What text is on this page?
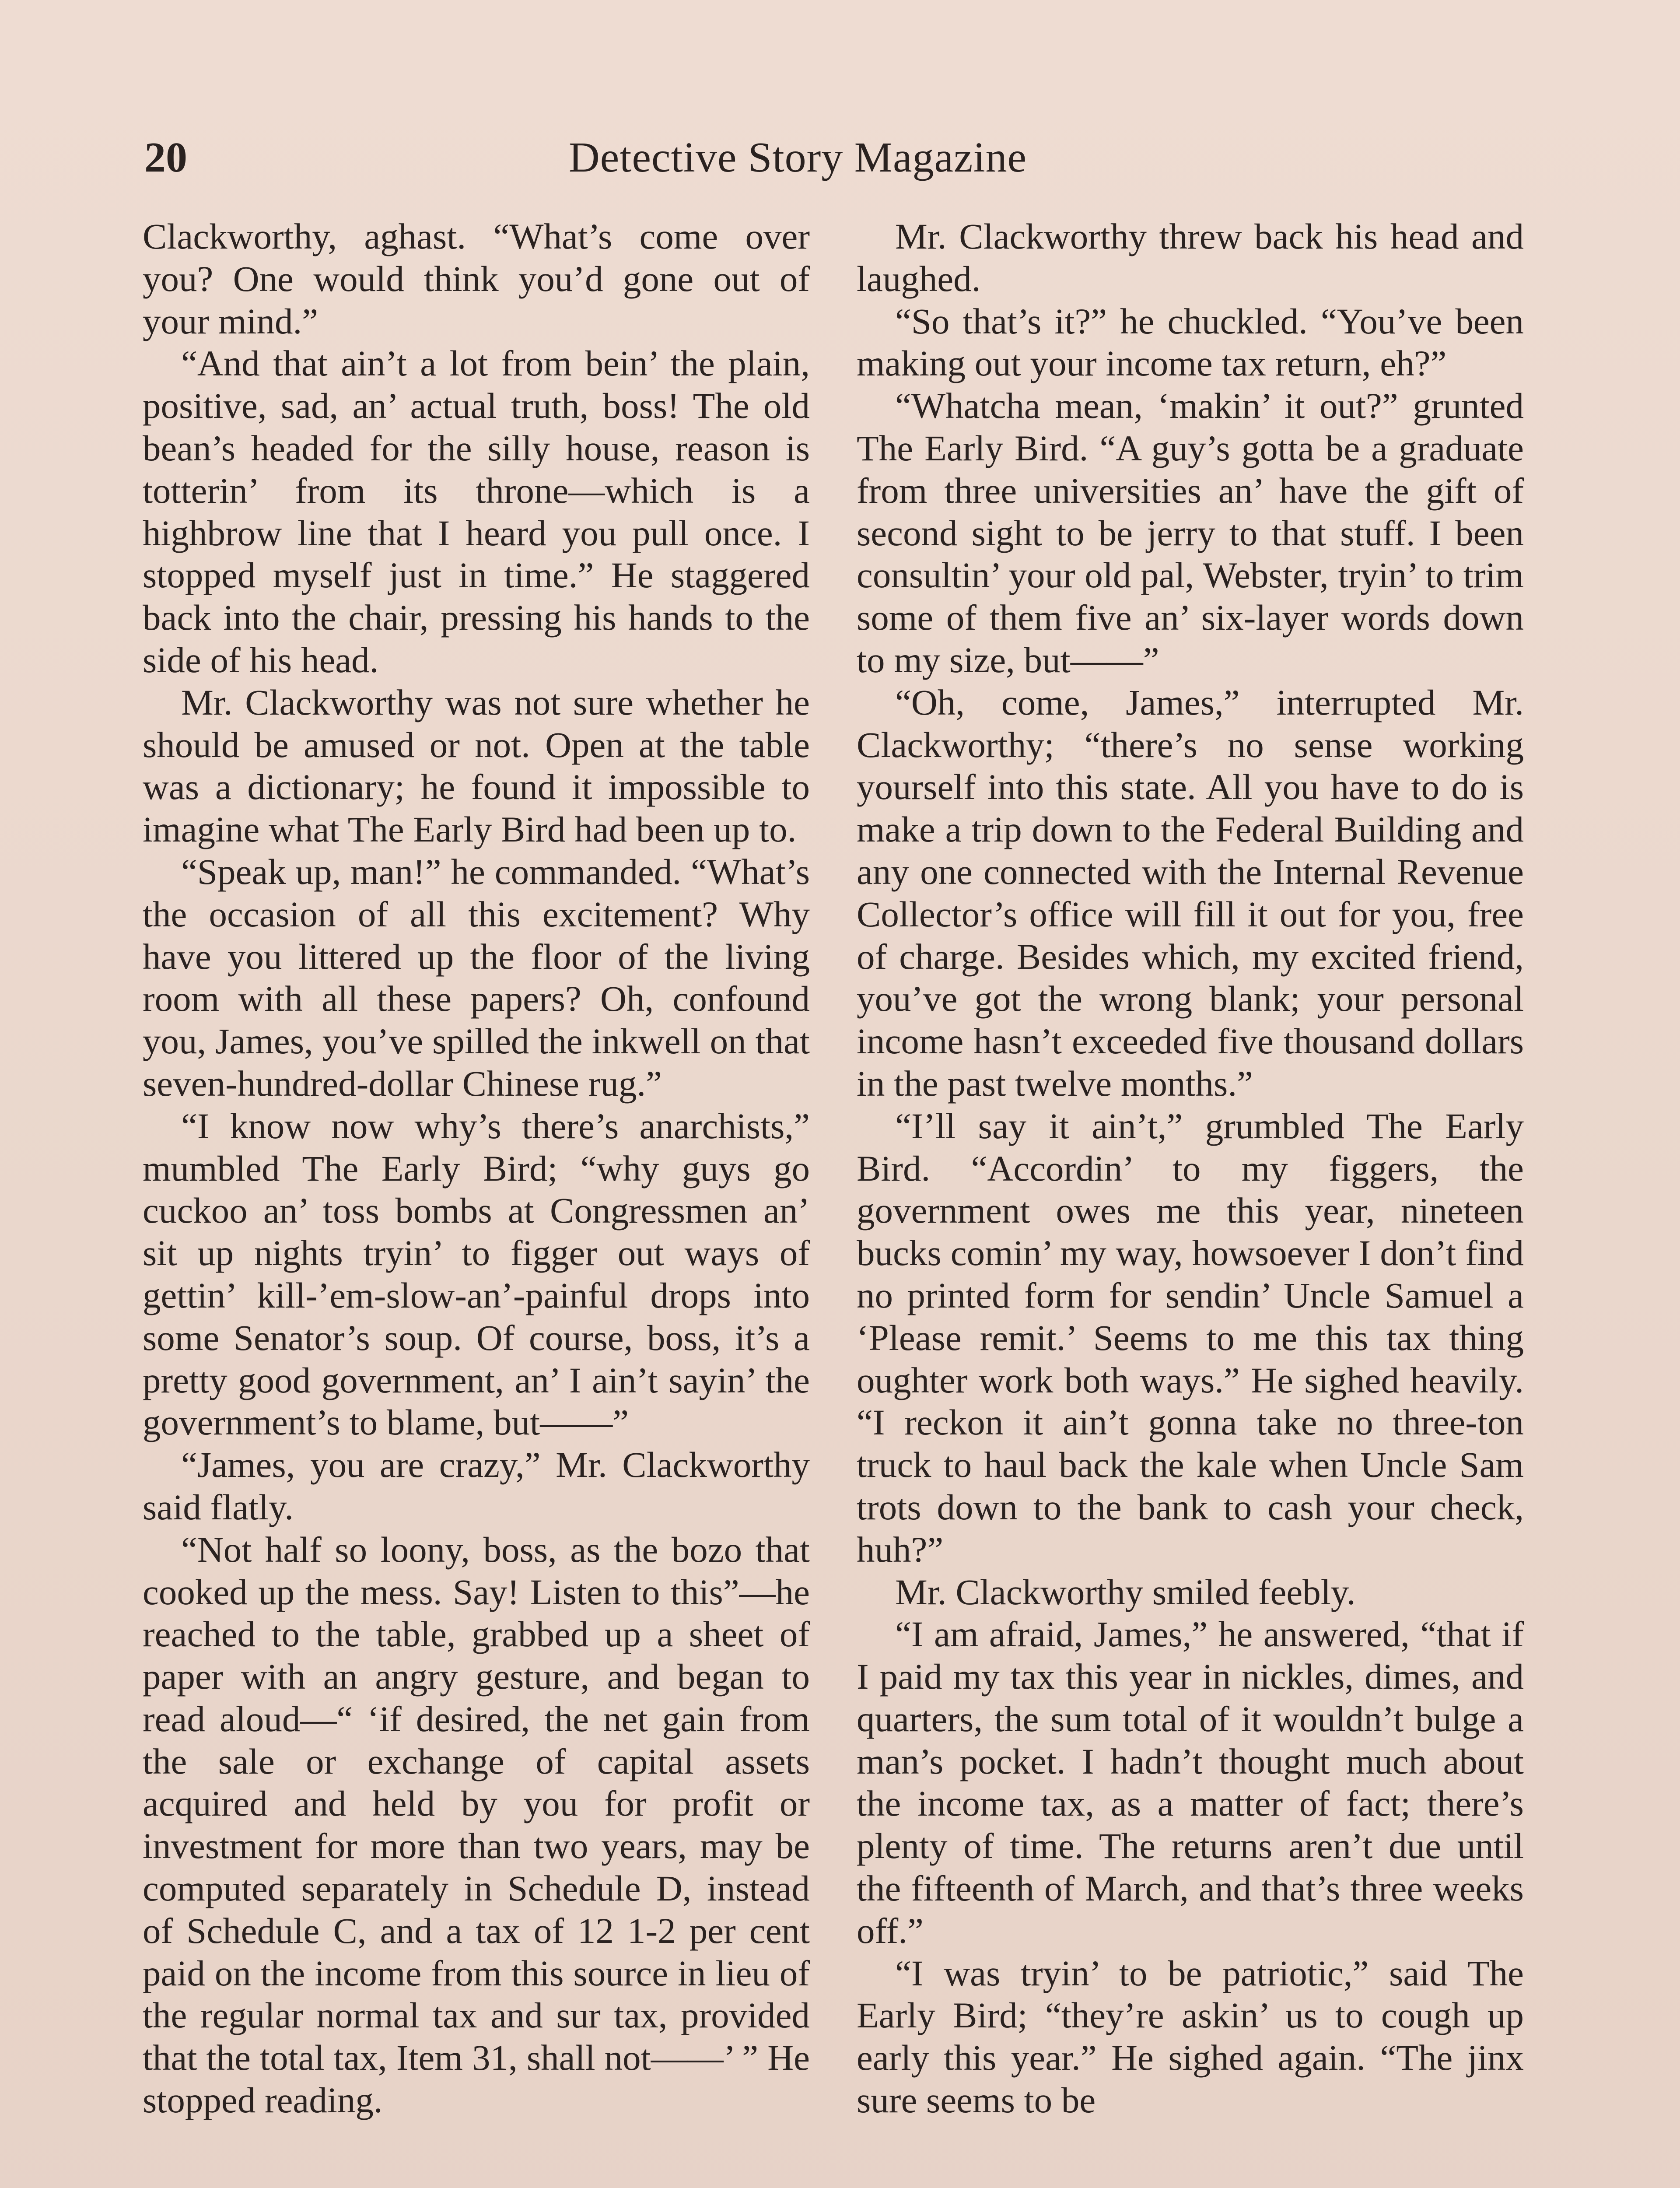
20	Detective Story Magazine

Clackworthy, aghast. “What’s come over you? One would think you’d gone out of your mind.”

“And that ain’t a lot from bein’ the plain, positive, sad, an’ actual truth, boss! The old bean’s headed for the silly house, reason is totterin’ from its throne—which is a highbrow line that I heard you pull once. I stopped myself just in time.” He staggered back into the chair, pressing his hands to the side of his head.

Mr. Clackworthy was not sure whether he should be amused or not. Open at the table was a dictionary; he found it impossible to imagine what The Early Bird had been up to.

“Speak up, man!” he commanded. “What’s the occasion of all this excitement? Why have you littered up the floor of the living room with all these papers? Oh, confound you, James, you’ve spilled the inkwell on that seven-hundred-dollar Chinese rug.”

“I know now why’s there’s anarchists,” mumbled The Early Bird; “why guys go cuckoo an’ toss bombs at Congressmen an’ sit up nights tryin’ to figger out ways of gettin’ kill-’em-slow-an’-painful drops into some Senator’s soup. Of course, boss, it’s a pretty good government, an’ I ain’t sayin’ the government’s to blame, but——”

“James, you are crazy,” Mr. Clackworthy said flatly.

“Not half so loony, boss, as the bozo that cooked up the mess. Say! Listen to this”—he reached to the table, grabbed up a sheet of paper with an angry gesture, and began to read aloud—“ ‘if desired, the net gain from the sale or exchange of capital assets acquired and held by you for profit or investment for more than two years, may be computed separately in Schedule D, instead of Schedule C, and a tax of 12 1-2 per cent paid on the income from this source in lieu of the regular normal tax and sur tax, provided that the total tax, Item 31, shall not——’ ” He stopped reading.

Mr. Clackworthy threw back his head and laughed.

“So that’s it?” he chuckled. “You’ve been making out your income tax return, eh?”

“Whatcha mean, ‘makin’ it out?” grunted The Early Bird. “A guy’s gotta be a graduate from three universities an’ have the gift of second sight to be jerry to that stuff. I been consultin’ your old pal, Webster, tryin’ to trim some of them five an’ six-layer words down to my size, but——”

“Oh, come, James,” interrupted Mr. Clackworthy; “there’s no sense working yourself into this state. All you have to do is make a trip down to the Federal Building and any one connected with the Internal Revenue Collector’s office will fill it out for you, free of charge. Besides which, my excited friend, you’ve got the wrong blank; your personal income hasn’t exceeded five thousand dollars in the past twelve months.”

“I’ll say it ain’t,” grumbled The Early Bird. “Accordin’ to my figgers, the government owes me this year, nineteen bucks comin’ my way, howsoever I don’t find no printed form for sendin’ Uncle Samuel a ‘Please remit.’ Seems to me this tax thing oughter work both ways.” He sighed heavily. “I reckon it ain’t gonna take no three-ton truck to haul back the kale when Uncle Sam trots down to the bank to cash your check, huh?”

Mr. Clackworthy smiled feebly.

“I am afraid, James,” he answered, “that if I paid my tax this year in nickles, dimes, and quarters, the sum total of it wouldn’t bulge a man’s pocket. I hadn’t thought much about the income tax, as a matter of fact; there’s plenty of time. The returns aren’t due until the fifteenth of March, and that’s three weeks off.”

“I was tryin’ to be patriotic,” said The Early Bird; “they’re askin’ us to cough up early this year.” He sighed again. “The jinx sure seems to be
